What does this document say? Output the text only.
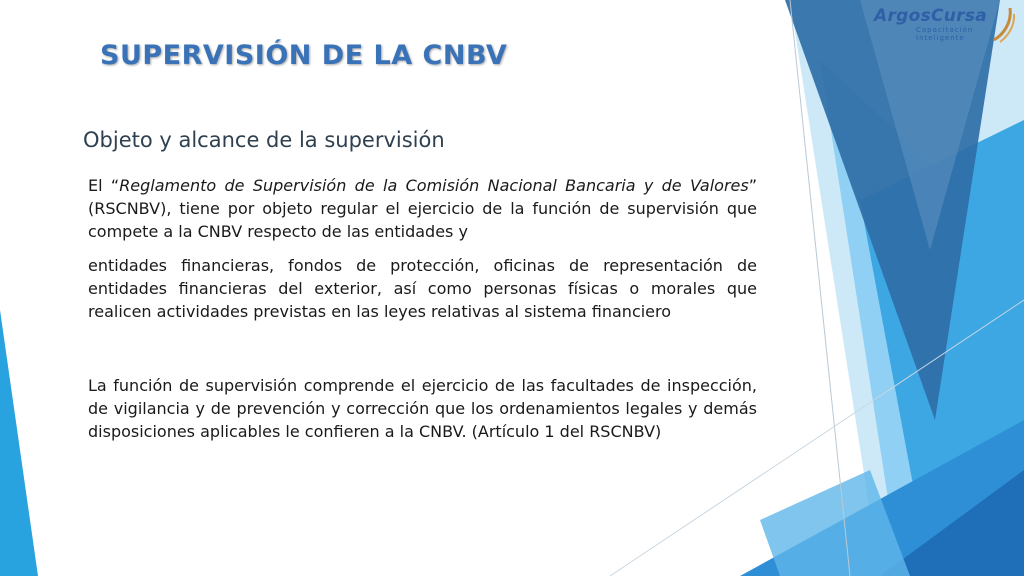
ArgosCursa
Capacitación
Inteligente
SUPERVISIÓN DE LA CNBV
Objeto y alcance de la supervisión

El “Reglamento de Supervisión de la Comisión Nacional Bancaria y de Valores” (RSCNBV), tiene por objeto regular el ejercicio de la función de supervisión que compete a la CNBV respecto de las entidades y

entidades financieras, fondos de protección, oficinas de representación de entidades financieras del exterior, así como personas físicas o morales que realicen actividades previstas en las leyes relativas al sistema financiero

La función de supervisión comprende el ejercicio de las facultades de inspección, de vigilancia y de prevención y corrección que los ordenamientos legales y demás disposiciones aplicables le confieren a la CNBV. (Artículo 1 del RSCNBV)
